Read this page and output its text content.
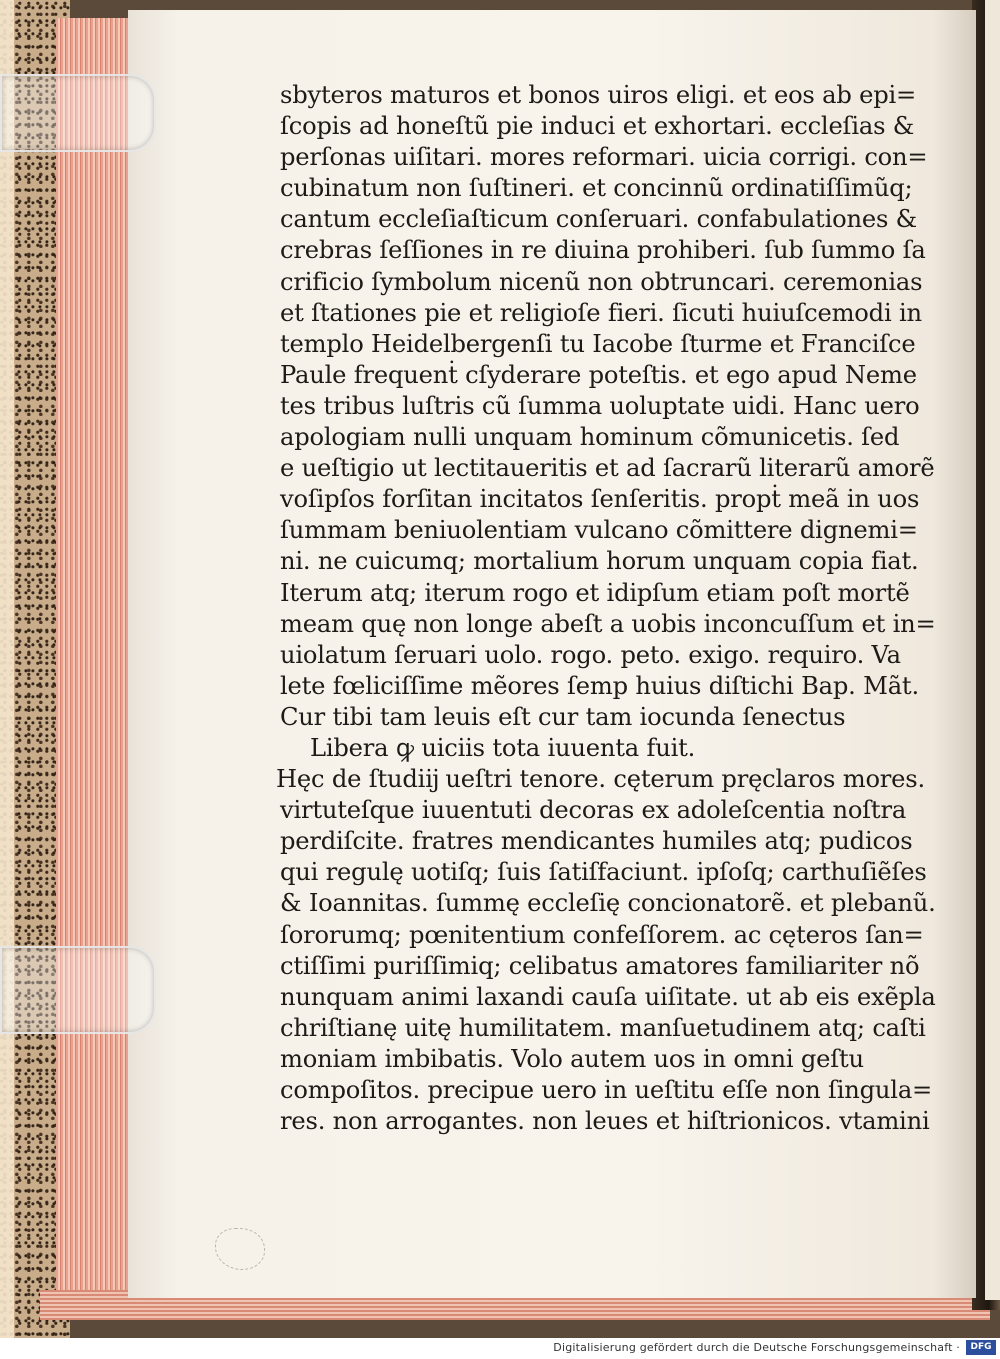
sbyteros maturos et bonos uiros eligi. et eos ab epi=
ſcopis ad honeſtũ pie induci et exhortari. eccleſias &
perſonas uiſitari. mores reformari. uicia corrigi. con=
cubinatum non ſuſtineri. et concinnũ ordinatiſſimũq;
cantum eccleſiaſticum conſeruari. confabulationes &
crebras ſeſſiones in re diuina prohiberi. ſub ſummo ſa
crificio ſymbolum nicenũ non obtruncari. ceremonias
et ſtationes pie et religioſe fieri. ſicuti huiuſcemodi in
templo Heidelbergenſi tu Iacobe ſturme et Franciſce
Paule frequenṫ cſyderare poteſtis. et ego apud Neme
tes tribus luſtris cũ ſumma uoluptate uidi. Hanc uero
apologiam nulli unquam hominum cõmunicetis. ſed
e ueſtigio ut lectitaueritis et ad ſacrarũ literarũ amorẽ
voſipſos forſitan incitatos ſenſeritis. propṫ meã in uos
ſummam beniuolentiam vulcano cõmittere dignemi=
ni. ne cuicumq; mortalium horum unquam copia fiat.
Iterum atq; iterum rogo et idipſum etiam poſt mortẽ
meam quę non longe abeſt a uobis inconcuſſum et in=
uiolatum ſeruari uolo. rogo. peto. exigo. requiro. Va
lete fœliciſſime mẽores ſemp huius diſtichi Bap. Mãt.
Cur tibi tam leuis eſt cur tam iocunda ſenectus
Libera ꝙ uiciis tota iuuenta fuit.
Hęc de ſtudiĳ ueſtri tenore. cęterum pręclaros mores.
virtuteſque iuuentuti decoras ex adoleſcentia noſtra
perdiſcite. fratres mendicantes humiles atq; pudicos
qui regulę uotiſq; ſuis ſatiſfaciunt. ipſoſq; carthuſiẽſes
& Ioannitas. ſummę eccleſię concionatorẽ. et plebanũ.
ſororumq; pœnitentium confeſſorem. ac cęteros ſan=
ctiſſimi puriſſimiq; celibatus amatores familiariter nõ
nunquam animi laxandi cauſa uiſitate. ut ab eis exẽpla
chriſtianę uitę humilitatem. manſuetudinem atq; caſti
moniam imbibatis. Volo autem uos in omni geſtu
compoſitos. precipue uero in ueſtitu eſſe non ſingula=
res. non arrogantes. non leues et hiſtrionicos. vtamini
Digitalisierung gefördert durch die Deutsche Forschungsgemeinschaft ·	DFG
